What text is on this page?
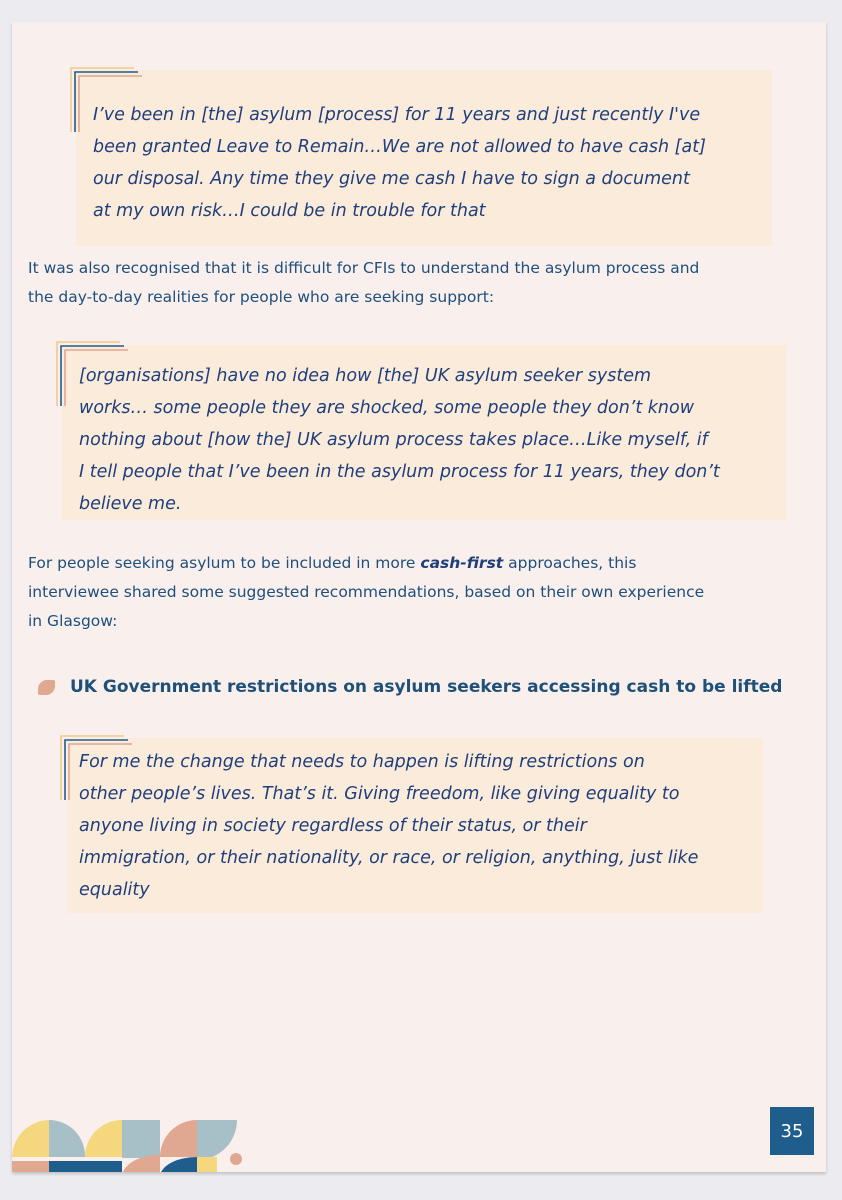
I’ve been in [the] asylum [process] for 11 years and just recently I've
been granted Leave to Remain…We are not allowed to have cash [at]
our disposal. Any time they give me cash I have to sign a document
at my own risk…I could be in trouble for that
It was also recognised that it is difficult for CFIs to understand the asylum process and
the day-to-day realities for people who are seeking support:
[organisations] have no idea how [the] UK asylum seeker system
works… some people they are shocked, some people they don’t know
nothing about [how the] UK asylum process takes place…Like myself, if
I tell people that I’ve been in the asylum process for 11 years, they don’t
believe me.
For people seeking asylum to be included in more cash-first approaches, this
interviewee shared some suggested recommendations, based on their own experience
in Glasgow:
UK Government restrictions on asylum seekers accessing cash to be lifted
For me the change that needs to happen is lifting restrictions on
other people’s lives. That’s it. Giving freedom, like giving equality to
anyone living in society regardless of their status, or their
immigration, or their nationality, or race, or religion, anything, just like
equality
35
